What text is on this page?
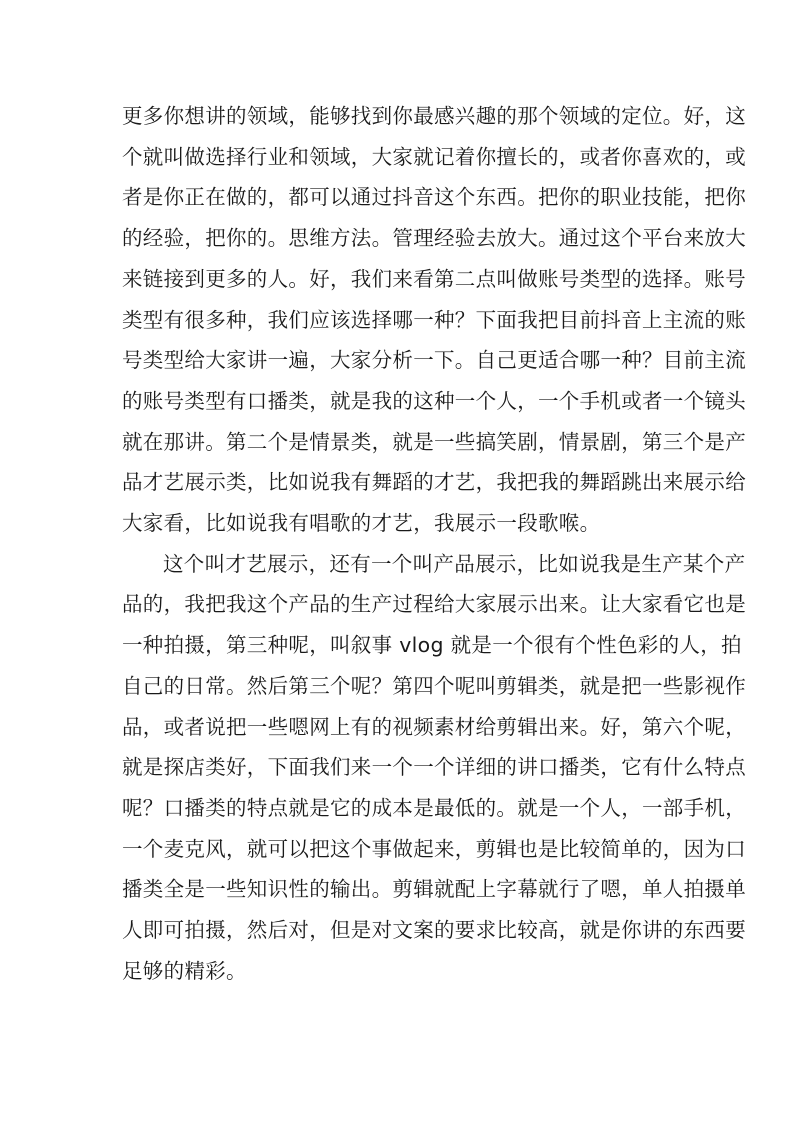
更多你想讲的领域，能够找到你最感兴趣的那个领域的定位。好，这
个就叫做选择行业和领域，大家就记着你擅长的，或者你喜欢的，或
者是你正在做的，都可以通过抖音这个东西。把你的职业技能，把你
的经验，把你的。思维方法。管理经验去放大。通过这个平台来放大
来链接到更多的人。好，我们来看第二点叫做账号类型的选择。账号
类型有很多种，我们应该选择哪一种？下面我把目前抖音上主流的账
号类型给大家讲一遍，大家分析一下。自己更适合哪一种？目前主流
的账号类型有口播类，就是我的这种一个人，一个手机或者一个镜头
就在那讲。第二个是情景类，就是一些搞笑剧，情景剧，第三个是产
品才艺展示类，比如说我有舞蹈的才艺，我把我的舞蹈跳出来展示给
大家看，比如说我有唱歌的才艺，我展示一段歌喉。
这个叫才艺展示，还有一个叫产品展示，比如说我是生产某个产
品的，我把我这个产品的生产过程给大家展示出来。让大家看它也是
一种拍摄，第三种呢，叫叙事 vlog 就是一个很有个性色彩的人，拍
自己的日常。然后第三个呢？第四个呢叫剪辑类，就是把一些影视作
品，或者说把一些嗯网上有的视频素材给剪辑出来。好，第六个呢，
就是探店类好，下面我们来一个一个详细的讲口播类，它有什么特点
呢？口播类的特点就是它的成本是最低的。就是一个人，一部手机，
一个麦克风，就可以把这个事做起来，剪辑也是比较简单的，因为口
播类全是一些知识性的输出。剪辑就配上字幕就行了嗯，单人拍摄单
人即可拍摄，然后对，但是对文案的要求比较高，就是你讲的东西要
足够的精彩。
